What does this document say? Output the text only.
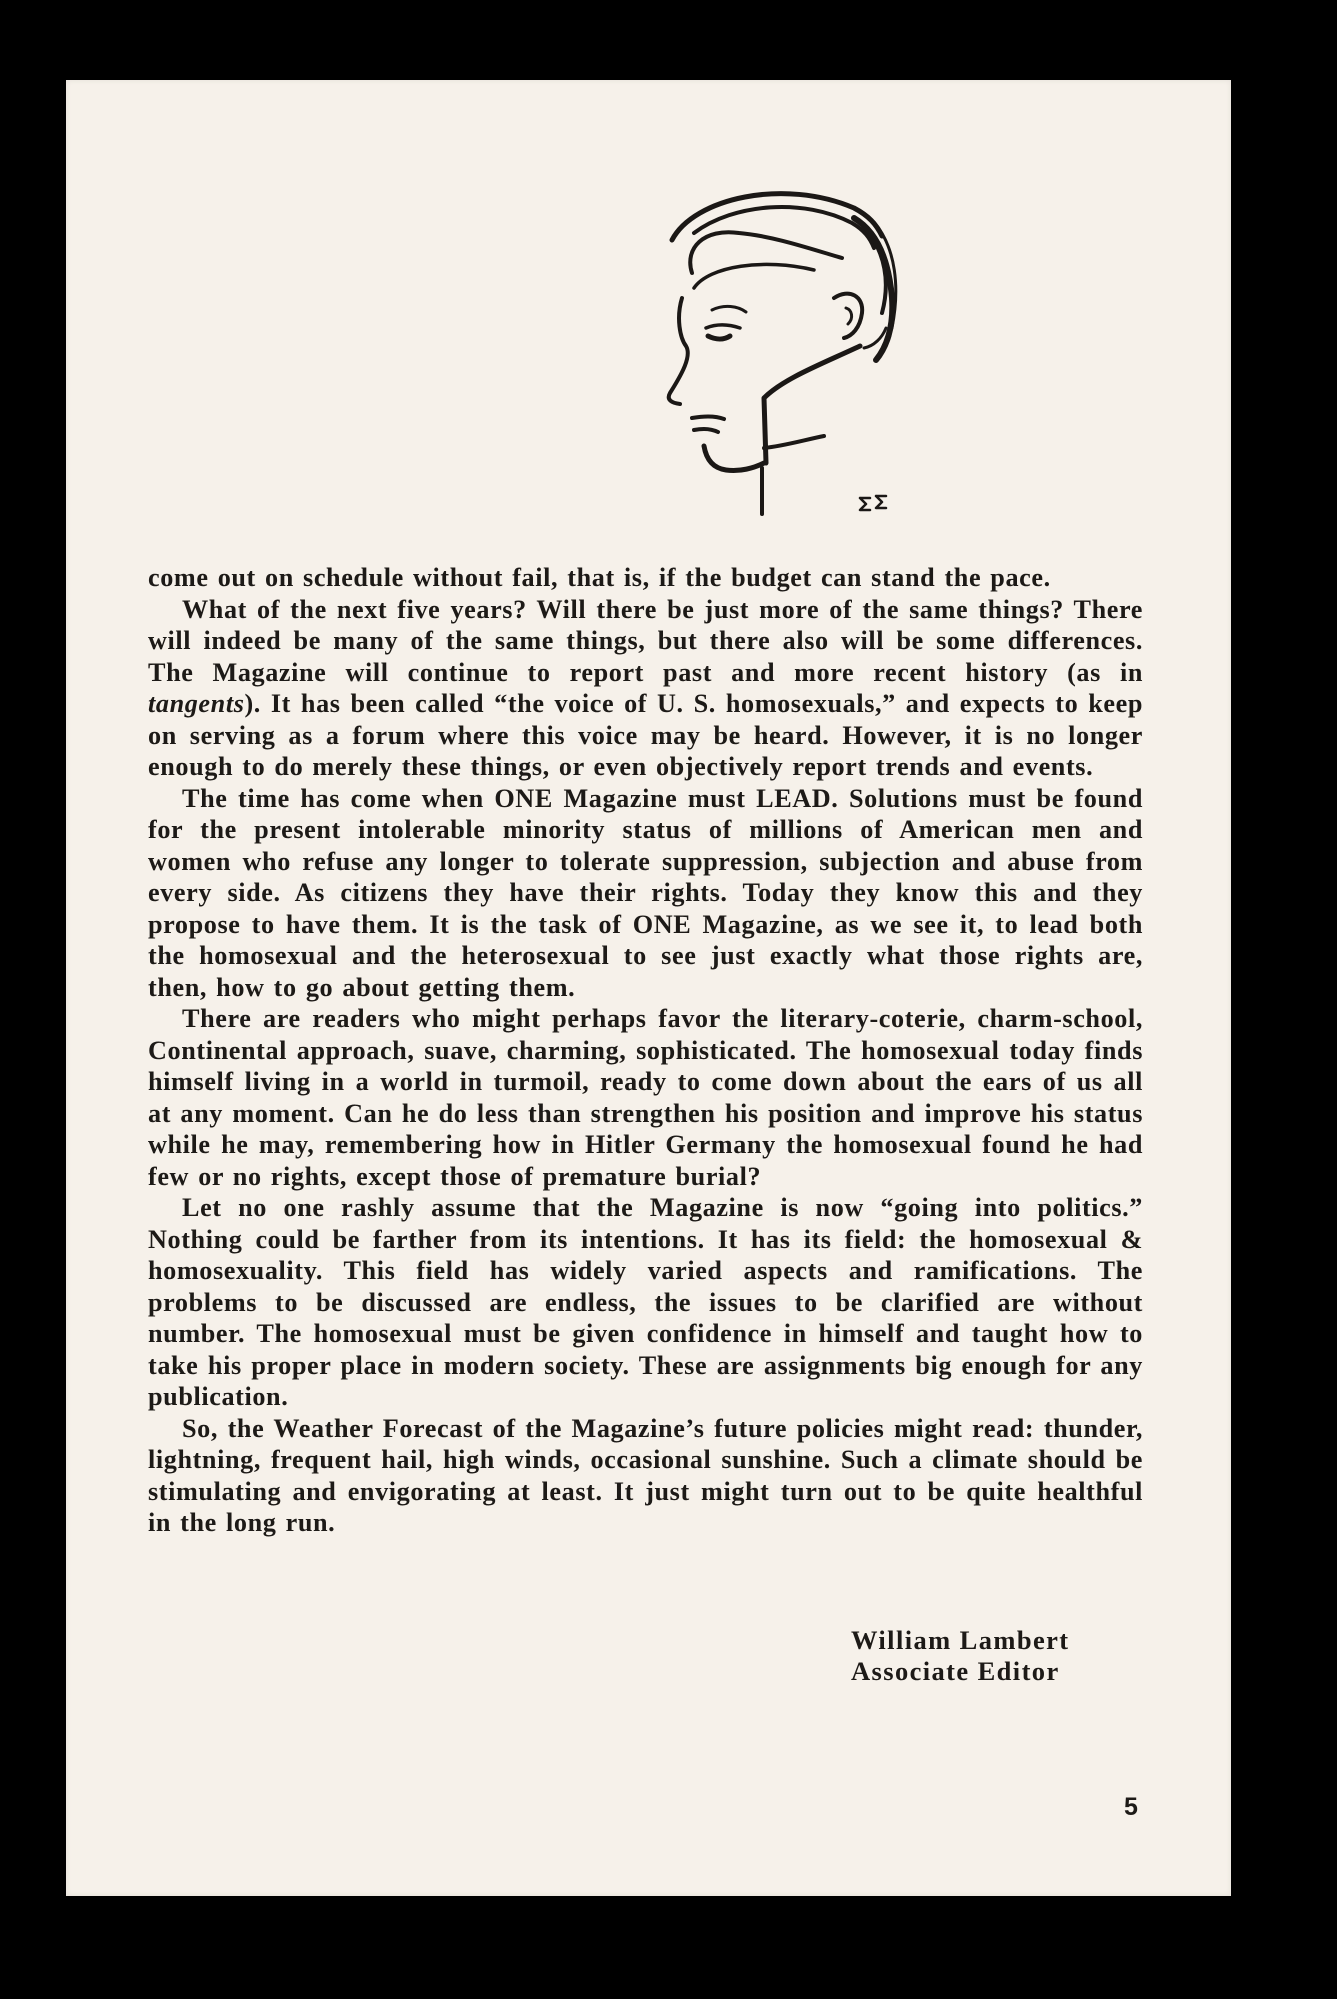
come out on schedule without fail, that is, if the budget can stand the pace.

What of the next five years? Will there be just more of the same things? There will indeed be many of the same things, but there also will be some differences. The Magazine will continue to report past and more recent history (as in tangents). It has been called “the voice of U. S. homosexuals,” and expects to keep on serving as a forum where this voice may be heard. However, it is no longer enough to do merely these things, or even objectively report trends and events.

The time has come when ONE Magazine must LEAD. Solutions must be found for the present intolerable minority status of millions of American men and women who refuse any longer to tolerate suppression, subjection and abuse from every side. As citizens they have their rights. Today they know this and they propose to have them. It is the task of ONE Magazine, as we see it, to lead both the homosexual and the heterosexual to see just exactly what those rights are, then, how to go about getting them.

There are readers who might perhaps favor the literary-coterie, charm-school, Continental approach, suave, charming, sophisticated. The homosexual today finds himself living in a world in turmoil, ready to come down about the ears of us all at any moment. Can he do less than strengthen his position and improve his status while he may, remembering how in Hitler Germany the homosexual found he had few or no rights, except those of premature burial?

Let no one rashly assume that the Magazine is now “going into politics.” Nothing could be farther from its intentions. It has its field: the homosexual & homosexuality. This field has widely varied aspects and ramifications. The problems to be discussed are endless, the issues to be clarified are without number. The homosexual must be given confidence in himself and taught how to take his proper place in modern society. These are assignments big enough for any publication.

So, the Weather Forecast of the Magazine’s future policies might read: thunder, lightning, frequent hail, high winds, occasional sunshine. Such a climate should be stimulating and envigorating at least. It just might turn out to be quite healthful in the long run.

William Lambert
Associate Editor
5
